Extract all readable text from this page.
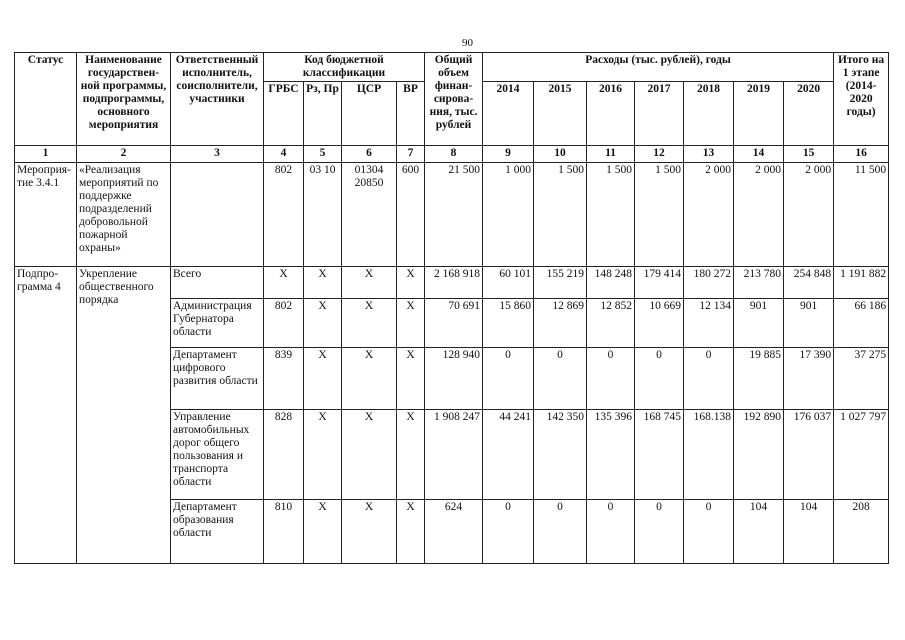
90
Статус	Наименование государствен-ной программы, подпрограммы, основного мероприятия	Ответственный исполнитель, соисполнители, участники	Код бюджетной классификации				Общий объем финан-сирова-ния, тыс. рублей	Расходы (тыс. рублей), годы							Итого на 1 этапе (2014-2020 годы)
			ГРБС	Рз, Пр	ЦСР	ВР		2014	2015	2016	2017	2018	2019	2020	
1	2	3	4	5	6	7	8	9	10	11	12	13	14	15	16
Мероприя-тие 3.4.1	«Реализация мероприятий по поддержке подразделений добровольной пожарной охраны»		802	03 10	01304 20850	600	21 500	1 000	1 500	1 500	1 500	2 000	2 000	2 000	11 500
Подпро-грамма 4	Укрепление общественного порядка	Всего	X	X	X	X	2 168 918	60 101	155 219	148 248	179 414	180 272	213 780	254 848	1 191 882
		Администрация Губернатора области	802	X	X	X	70 691	15 860	12 869	12 852	10 669	12 134	901	901	66 186
		Департамент цифрового развития области	839	X	X	X	128 940	0	0	0	0	0	19 885	17 390	37 275
		Управление автомобильных дорог общего пользования и транспорта области	828	X	X	X	1 908 247	44 241	142 350	135 396	168 745	168.138	192 890	176 037	1 027 797
		Департамент образования области	810	X	X	X	624	0	0	0	0	0	104	104	208
